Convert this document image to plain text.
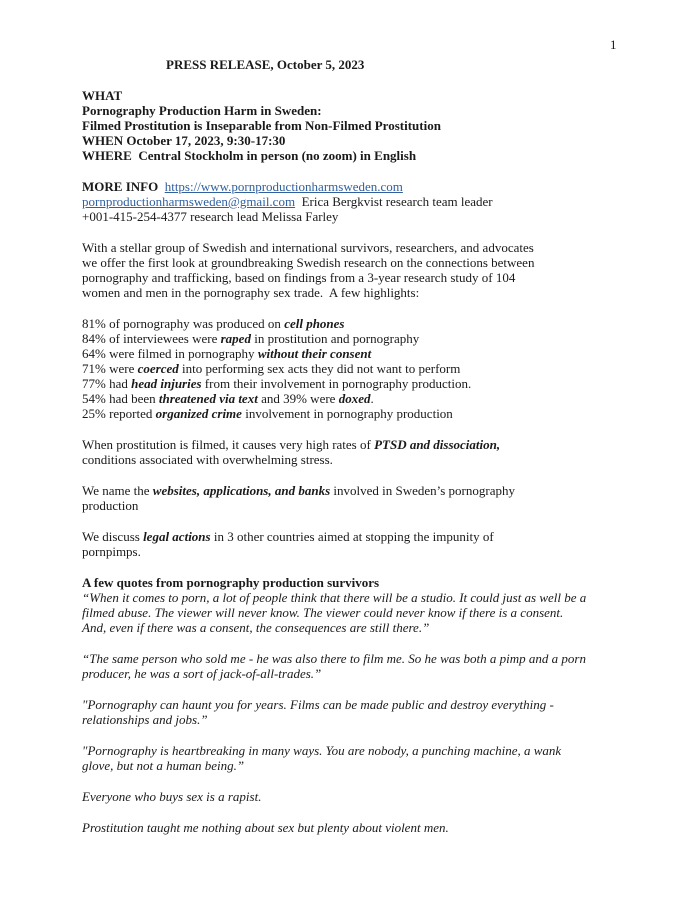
1
PRESS RELEASE, October 5, 2023
WHAT
Pornography Production Harm in Sweden:
Filmed Prostitution is Inseparable from Non-Filmed Prostitution
WHEN October 17, 2023, 9:30-17:30
WHERE  Central Stockholm in person (no zoom) in English
MORE INFO https://www.pornproductionharmsweden.com
pornproductionharmsweden@gmail.com  Erica Bergkvist research team leader
+001-415-254-4377 research lead Melissa Farley
With a stellar group of Swedish and international survivors, researchers, and advocates
we offer the first look at groundbreaking Swedish research on the connections between
pornography and trafficking, based on findings from a 3-year research study of 104
women and men in the pornography sex trade.  A few highlights:
81% of pornography was produced on cell phones
84% of interviewees were raped in prostitution and pornography
64% were filmed in pornography without their consent
71% were coerced into performing sex acts they did not want to perform
77% had head injuries from their involvement in pornography production.
54% had been threatened via text and 39% were doxed.
25% reported organized crime involvement in pornography production
When prostitution is filmed, it causes very high rates of PTSD and dissociation,
conditions associated with overwhelming stress.
We name the websites, applications, and banks involved in Sweden’s pornography
production
We discuss legal actions in 3 other countries aimed at stopping the impunity of
pornpimps.
A few quotes from pornography production survivors
“When it comes to porn, a lot of people think that there will be a studio. It could just as well be a
filmed abuse. The viewer will never know. The viewer could never know if there is a consent.
And, even if there was a consent, the consequences are still there.”
“The same person who sold me - he was also there to film me. So he was both a pimp and a porn
producer, he was a sort of jack-of-all-trades.”
"Pornography can haunt you for years. Films can be made public and destroy everything -
relationships and jobs.”
"Pornography is heartbreaking in many ways. You are nobody, a punching machine, a wank
glove, but not a human being.”
Everyone who buys sex is a rapist.
Prostitution taught me nothing about sex but plenty about violent men.
